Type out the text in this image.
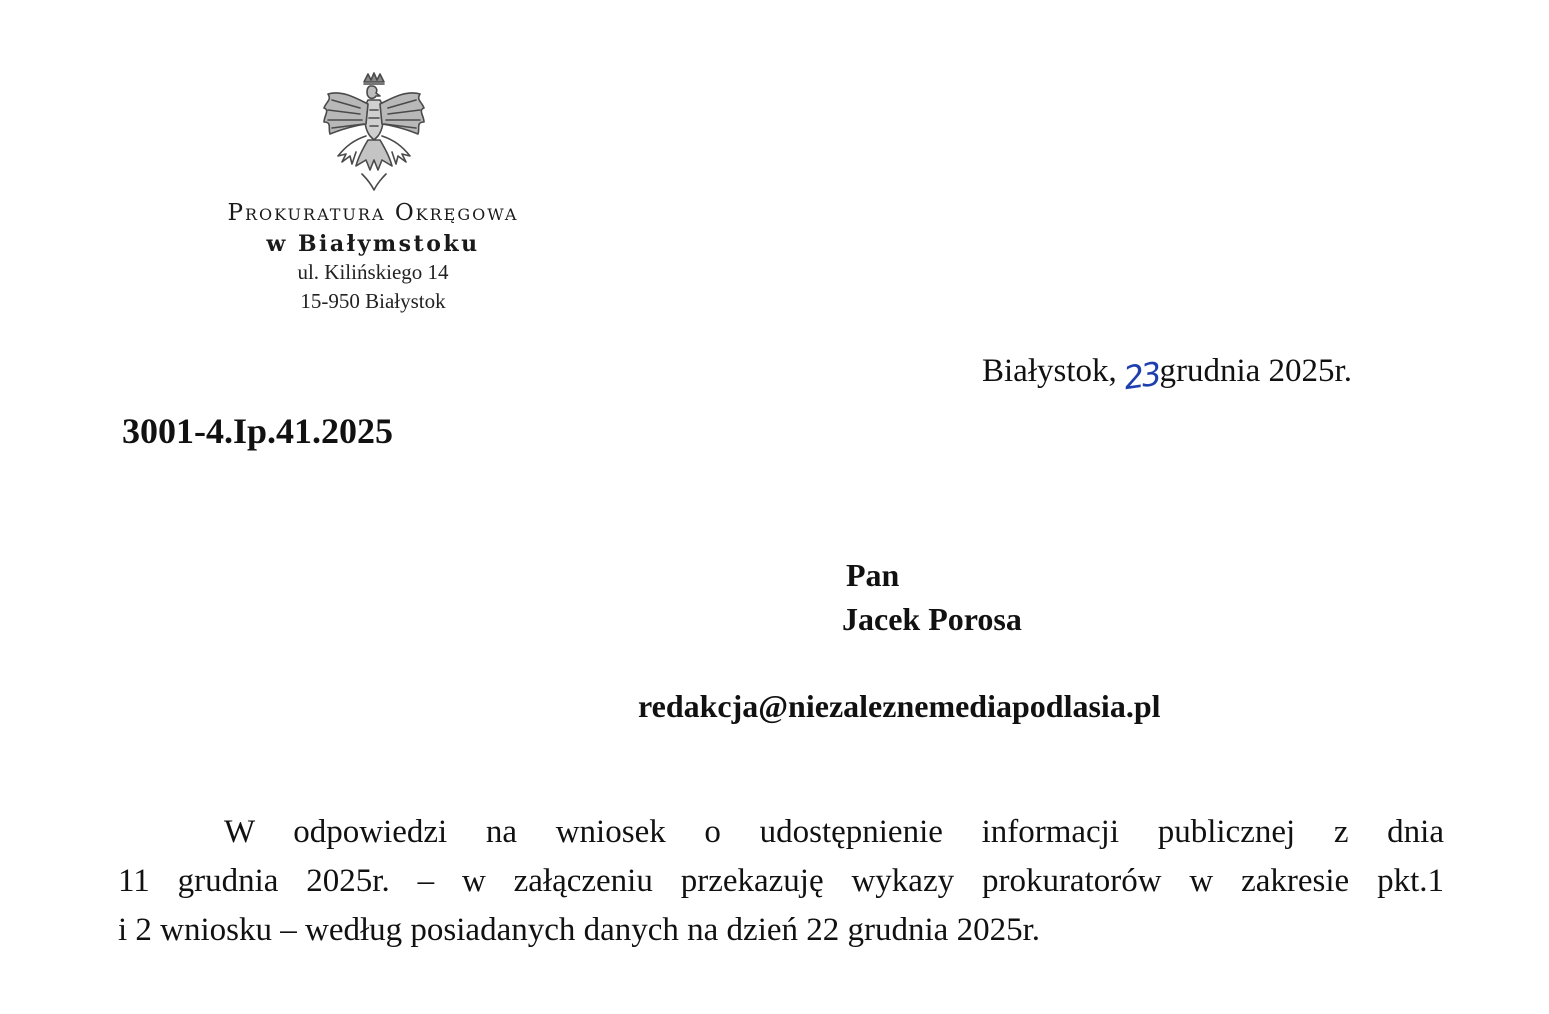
Prokuratura Okręgowa
w Białymstoku
ul. Kilińskiego 14
15-950 Białystok
Białystok, 23grudnia 2025r.
3001-4.Ip.41.2025
Pan
Jacek Porosa
redakcja@niezaleznemediapodlasia.pl
W odpowiedzi na wniosek o udostępnienie informacji publicznej z dnia
11 grudnia 2025r. – w załączeniu przekazuję wykazy prokuratorów w zakresie pkt.1
i 2 wniosku – według posiadanych danych na dzień 22 grudnia 2025r.
